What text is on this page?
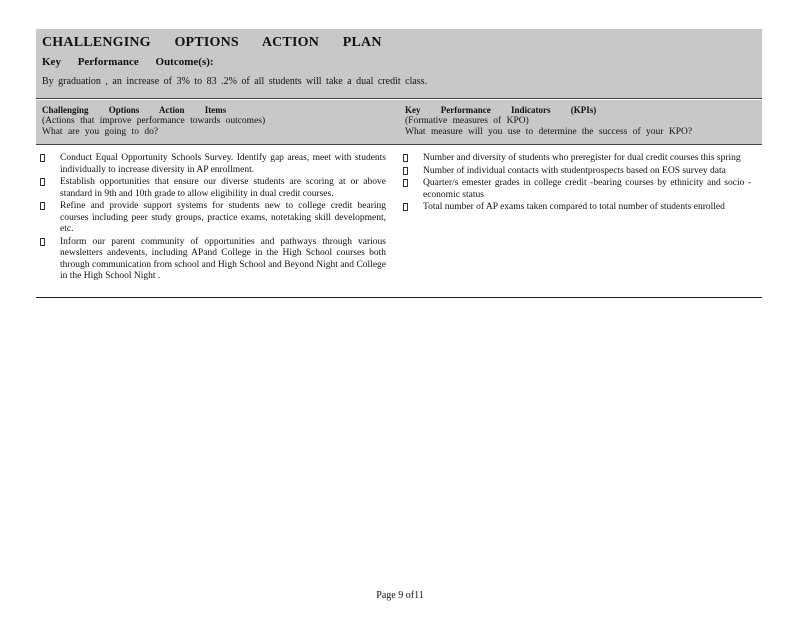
CHALLENGING OPTIONS ACTION PLAN
Key Performance Outcome(s):
By graduation , an increase of 3% to 83 .2% of all students will take a dual credit class.
Challenging Options Action Items
(Actions that improve performance towards outcomes)
What are you going to do?
Key Performance Indicators (KPIs)
(Formative measures of KPO)
What measure will you use to determine the success of your KPO?
Conduct Equal Opportunity Schools Survey. Identify gap areas, meet with students individually to increase diversity in AP enrollment.
Establish opportunities that ensure our diverse students are scoring at or above standard in 9th and 10th grade to allow eligibility in dual credit courses.
Refine and provide support systems for students new to college credit bearing courses including peer study groups, practice exams, notetaking skill development, etc.
Inform our parent community of opportunities and pathways through various newsletters andevents, including APand College in the High School courses both through communication from school and High School and Beyond Night and College in the High School Night .
Number and diversity of students who preregister for dual credit courses this spring
Number of individual contacts with studentprospects based on EOS survey data
Quarter/s emester grades in college credit -bearing courses by ethnicity and socio -economic status
Total number of AP exams taken compared to total number of students enrolled
Page 9 of11
